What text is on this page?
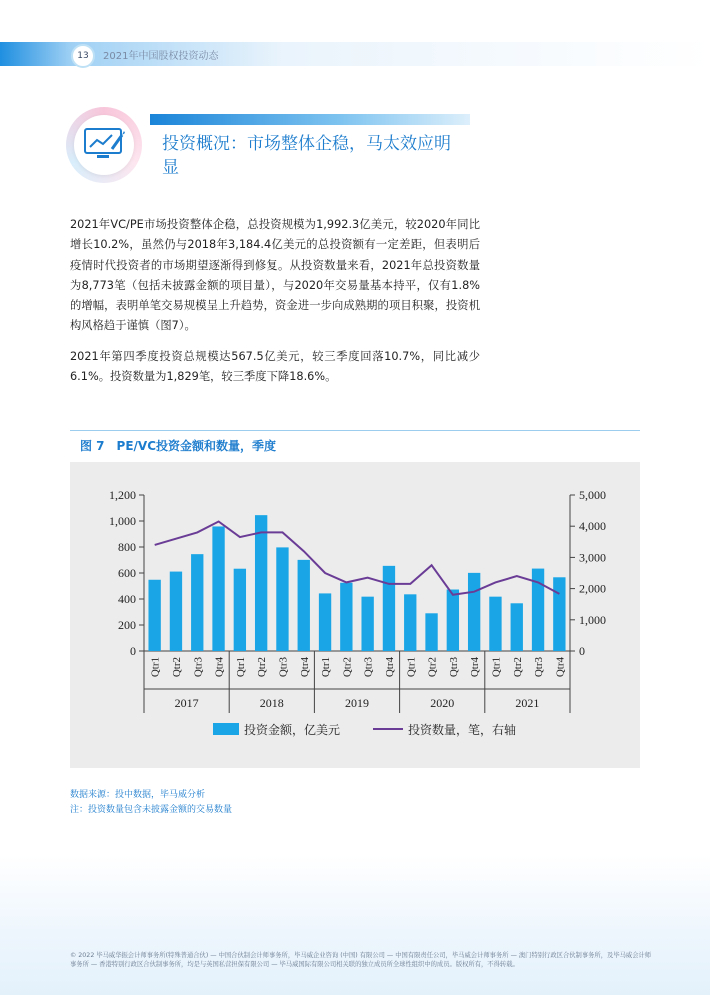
13	2021年中国股权投资动态
投资概况：市场整体企稳，马太效应明显

2021年VC/PE市场投资整体企稳，总投资规模为1,992.3亿美元，较2020年同比增长10.2%，虽然仍与2018年3,184.4亿美元的总投资额有一定差距，但表明后疫情时代投资者的市场期望逐渐得到修复。从投资数量来看，2021年总投资数量为8,773笔（包括未披露金额的项目量），与2020年交易量基本持平，仅有1.8%的增幅，表明单笔交易规模呈上升趋势，资金进一步向成熟期的项目积聚，投资机构风格趋于谨慎（图7）。

2021年第四季度投资总规模达567.5亿美元，较三季度回落10.7%，同比减少6.1%。投资数量为1,829笔，较三季度下降18.6%。

图 7　PE/VC投资金额和数量，季度
0
200
400
600
800
1,000
1,200
0
1,000
2,000
3,000
4,000
5,000
Qtr1 Qtr2 Qtr3 Qtr4 Qtr1 Qtr2 Qtr3 Qtr4 Qtr1 Qtr2 Qtr3 Qtr4 Qtr1 Qtr2 Qtr3 Qtr4 Qtr1 Qtr2 Qtr3 Qtr4
2017	2018	2019	2020	2021
投资金额，亿美元	投资数量，笔，右轴
数据来源：投中数据，毕马威分析
注：投资数量包含未披露金额的交易数量
© 2022 毕马威华振会计师事务所(特殊普通合伙) — 中国合伙制会计师事务所，毕马威企业咨询 (中国) 有限公司 — 中国有限责任公司，毕马威会计师事务所 — 澳门特别行政区合伙制事务所，及毕马威会计师事务所 — 香港特别行政区合伙制事务所，均是与英国私营担保有限公司 — 毕马威国际有限公司相关联的独立成员所全球性组织中的成员。版权所有，不得转载。
